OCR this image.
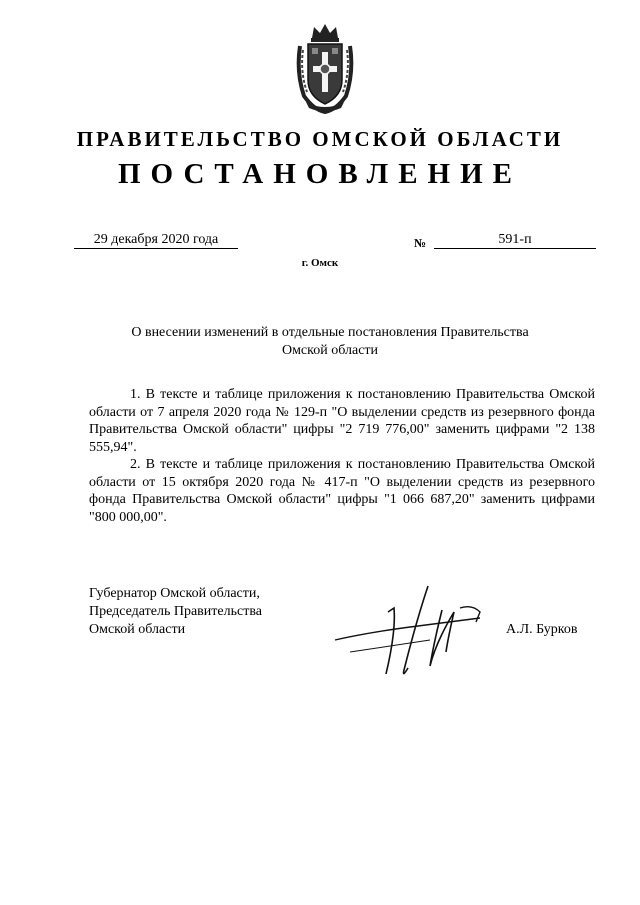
ПРАВИТЕЛЬСТВО ОМСКОЙ ОБЛАСТИ
ПОСТАНОВЛЕНИЕ
29 декабря 2020 года	№	591-п
г. Омск
О внесении изменений в отдельные постановления Правительства Омской области

1. В тексте и таблице приложения к постановлению Правительства Омской области от 7 апреля 2020 года № 129-п "О выделении средств из резервного фонда Правительства Омской области" цифры "2 719 776,00" заменить цифрами "2 138 555,94".

2. В тексте и таблице приложения к постановлению Правительства Омской области от 15 октября 2020 года № 417-п "О выделении средств из резервного фонда Правительства Омской области" цифры "1 066 687,20" заменить цифрами "800 000,00".

Губернатор Омской области,
Председатель Правительства
Омской области	А.Л. Бурков
